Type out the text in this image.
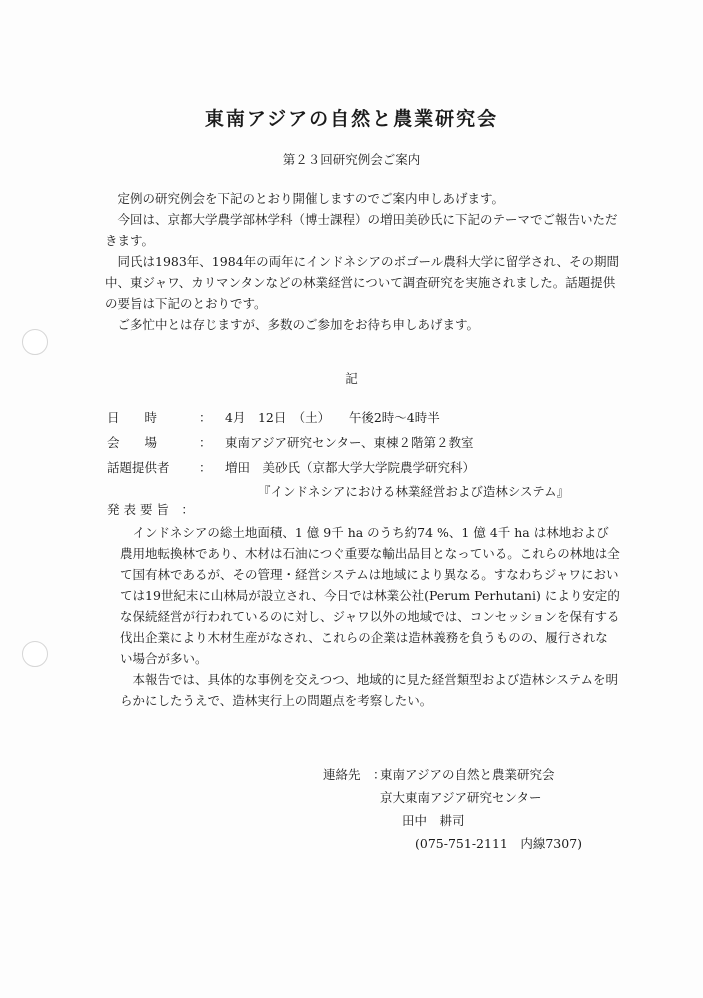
東南アジアの自然と農業研究会
第２３回研究例会ご案内

定例の研究例会を下記のとおり開催しますのでご案内申しあげます。

今回は、京都大学農学部林学科（博士課程）の増田美砂氏に下記のテーマでご報告いただきます。

同氏は1983年、1984年の両年にインドネシアのボゴール農科大学に留学され、その期間中、東ジャワ、カリマンタンなどの林業経営について調査研究を実施されました。話題提供の要旨は下記のとおりです。

ご多忙中とは存じますが、多数のご参加をお待ち申しあげます。

記
日　　時	： 4月　12日　（土）　　午後2時～4時半
会　　場	： 東南アジア研究センター、東棟２階第２教室
話題提供者 ： 増田　美砂氏（京都大学大学院農学研究科）
『インドネシアにおける林業経営および造林システム』
発 表 要 旨　：

インドネシアの総土地面積、1 億 9千 ha のうち約74 %、1 億 4千 ha は林地および農用地転換林であり、木材は石油につぐ重要な輸出品目となっている。これらの林地は全て国有林であるが、その管理・経営システムは地域により異なる。すなわちジャワにおいては19世紀末に山林局が設立され、今日では林業公社(Perum Perhutani) により安定的な保続経営が行われているのに対し、ジャワ以外の地域では、コンセッションを保有する伐出企業により木材生産がなされ、これらの企業は造林義務を負うものの、履行されない場合が多い。

本報告では、具体的な事例を交えつつ、地域的に見た経営類型および造林システムを明らかにしたうえで、造林実行上の問題点を考察したい。

連絡先　：
東南アジアの自然と農業研究会
京大東南アジア研究センター
田中　耕司
(075-751-2111　内線7307)
